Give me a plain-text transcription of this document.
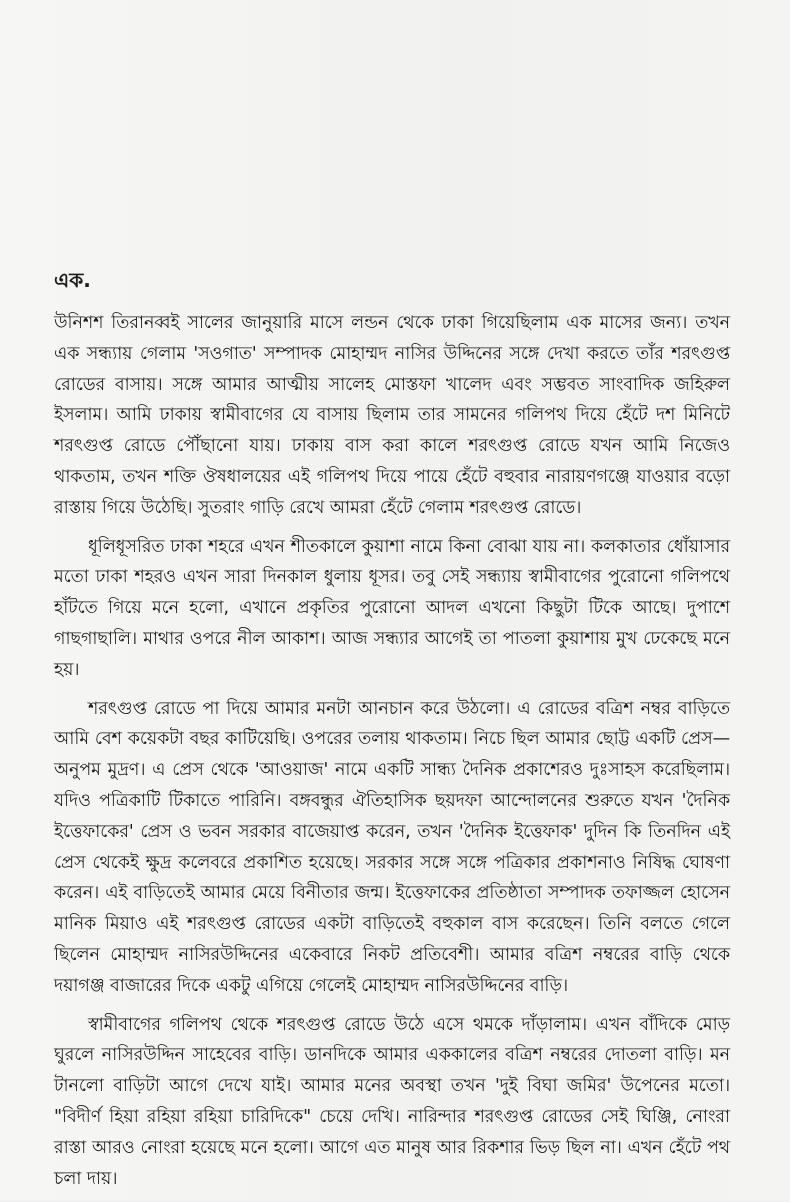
এক.

উনিশশ তিরানব্বই সালের জানুয়ারি মাসে লন্ডন থেকে ঢাকা গিয়েছিলাম এক মাসের জন্য। তখন এক সন্ধ্যায় গেলাম 'সওগাত' সম্পাদক মোহাম্মদ নাসির উদ্দিনের সঙ্গে দেখা করতে তাঁর শরৎগুপ্ত রোডের বাসায়। সঙ্গে আমার আত্মীয় সালেহ মোস্তফা খালেদ এবং সম্ভবত সাংবাদিক জহিরুল ইসলাম। আমি ঢাকায় স্বামীবাগের যে বাসায় ছিলাম তার সামনের গলিপথ দিয়ে হেঁটে দশ মিনিটে শরৎগুপ্ত রোডে পৌঁছানো যায়। ঢাকায় বাস করা কালে শরৎগুপ্ত রোডে যখন আমি নিজেও থাকতাম, তখন শক্তি ঔষধালয়ের এই গলিপথ দিয়ে পায়ে হেঁটে বহুবার নারায়ণগঞ্জে যাওয়ার বড়ো রাস্তায় গিয়ে উঠেছি। সুতরাং গাড়ি রেখে আমরা হেঁটে গেলাম শরৎগুপ্ত রোডে।

ধূলিধূসরিত ঢাকা শহরে এখন শীতকালে কুয়াশা নামে কিনা বোঝা যায় না। কলকাতার ধোঁয়াসার মতো ঢাকা শহরও এখন সারা দিনকাল ধুলায় ধূসর। তবু সেই সন্ধ্যায় স্বামীবাগের পুরোনো গলিপথে হাঁটতে গিয়ে মনে হলো, এখানে প্রকৃতির পুরোনো আদল এখনো কিছুটা টিকে আছে। দুপাশে গাছগাছালি। মাথার ওপরে নীল আকাশ। আজ সন্ধ্যার আগেই তা পাতলা কুয়াশায় মুখ ঢেকেছে মনে হয়।

শরৎগুপ্ত রোডে পা দিয়ে আমার মনটা আনচান করে উঠলো। এ রোডের বত্রিশ নম্বর বাড়িতে আমি বেশ কয়েকটা বছর কাটিয়েছি। ওপরের তলায় থাকতাম। নিচে ছিল আমার ছোট্ট একটি প্রেস—অনুপম মুদ্রণ। এ প্রেস থেকে 'আওয়াজ' নামে একটি সান্ধ্য দৈনিক প্রকাশেরও দুঃসাহস করেছিলাম। যদিও পত্রিকাটি টিকাতে পারিনি। বঙ্গবন্ধুর ঐতিহাসিক ছয়দফা আন্দোলনের শুরুতে যখন 'দৈনিক ইত্তেফাকের' প্রেস ও ভবন সরকার বাজেয়াপ্ত করেন, তখন 'দৈনিক ইত্তেফাক' দুদিন কি তিনদিন এই প্রেস থেকেই ক্ষুদ্র কলেবরে প্রকাশিত হয়েছে। সরকার সঙ্গে সঙ্গে পত্রিকার প্রকাশনাও নিষিদ্ধ ঘোষণা করেন। এই বাড়িতেই আমার মেয়ে বিনীতার জন্ম। ইত্তেফাকের প্রতিষ্ঠাতা সম্পাদক তফাজ্জল হোসেন মানিক মিয়াও এই শরৎগুপ্ত রোডের একটা বাড়িতেই বহুকাল বাস করেছেন। তিনি বলতে গেলে ছিলেন মোহাম্মদ নাসিরউদ্দিনের একেবারে নিকট প্রতিবেশী। আমার বত্রিশ নম্বরের বাড়ি থেকে দয়াগঞ্জ বাজারের দিকে একটু এগিয়ে গেলেই মোহাম্মদ নাসিরউদ্দিনের বাড়ি।

স্বামীবাগের গলিপথ থেকে শরৎগুপ্ত রোডে উঠে এসে থমকে দাঁড়ালাম। এখন বাঁদিকে মোড় ঘুরলে নাসিরউদ্দিন সাহেবের বাড়ি। ডানদিকে আমার এককালের বত্রিশ নম্বরের দোতলা বাড়ি। মন টানলো বাড়িটা আগে দেখে যাই। আমার মনের অবস্থা তখন 'দুই বিঘা জমির' উপেনের মতো। "বিদীর্ণ হিয়া রহিয়া রহিয়া চারিদিকে" চেয়ে দেখি। নারিন্দার শরৎগুপ্ত রোডের সেই ঘিঞ্জি, নোংরা রাস্তা আরও নোংরা হয়েছে মনে হলো। আগে এত মানুষ আর রিকশার ভিড় ছিল না। এখন হেঁটে পথ চলা দায়।
